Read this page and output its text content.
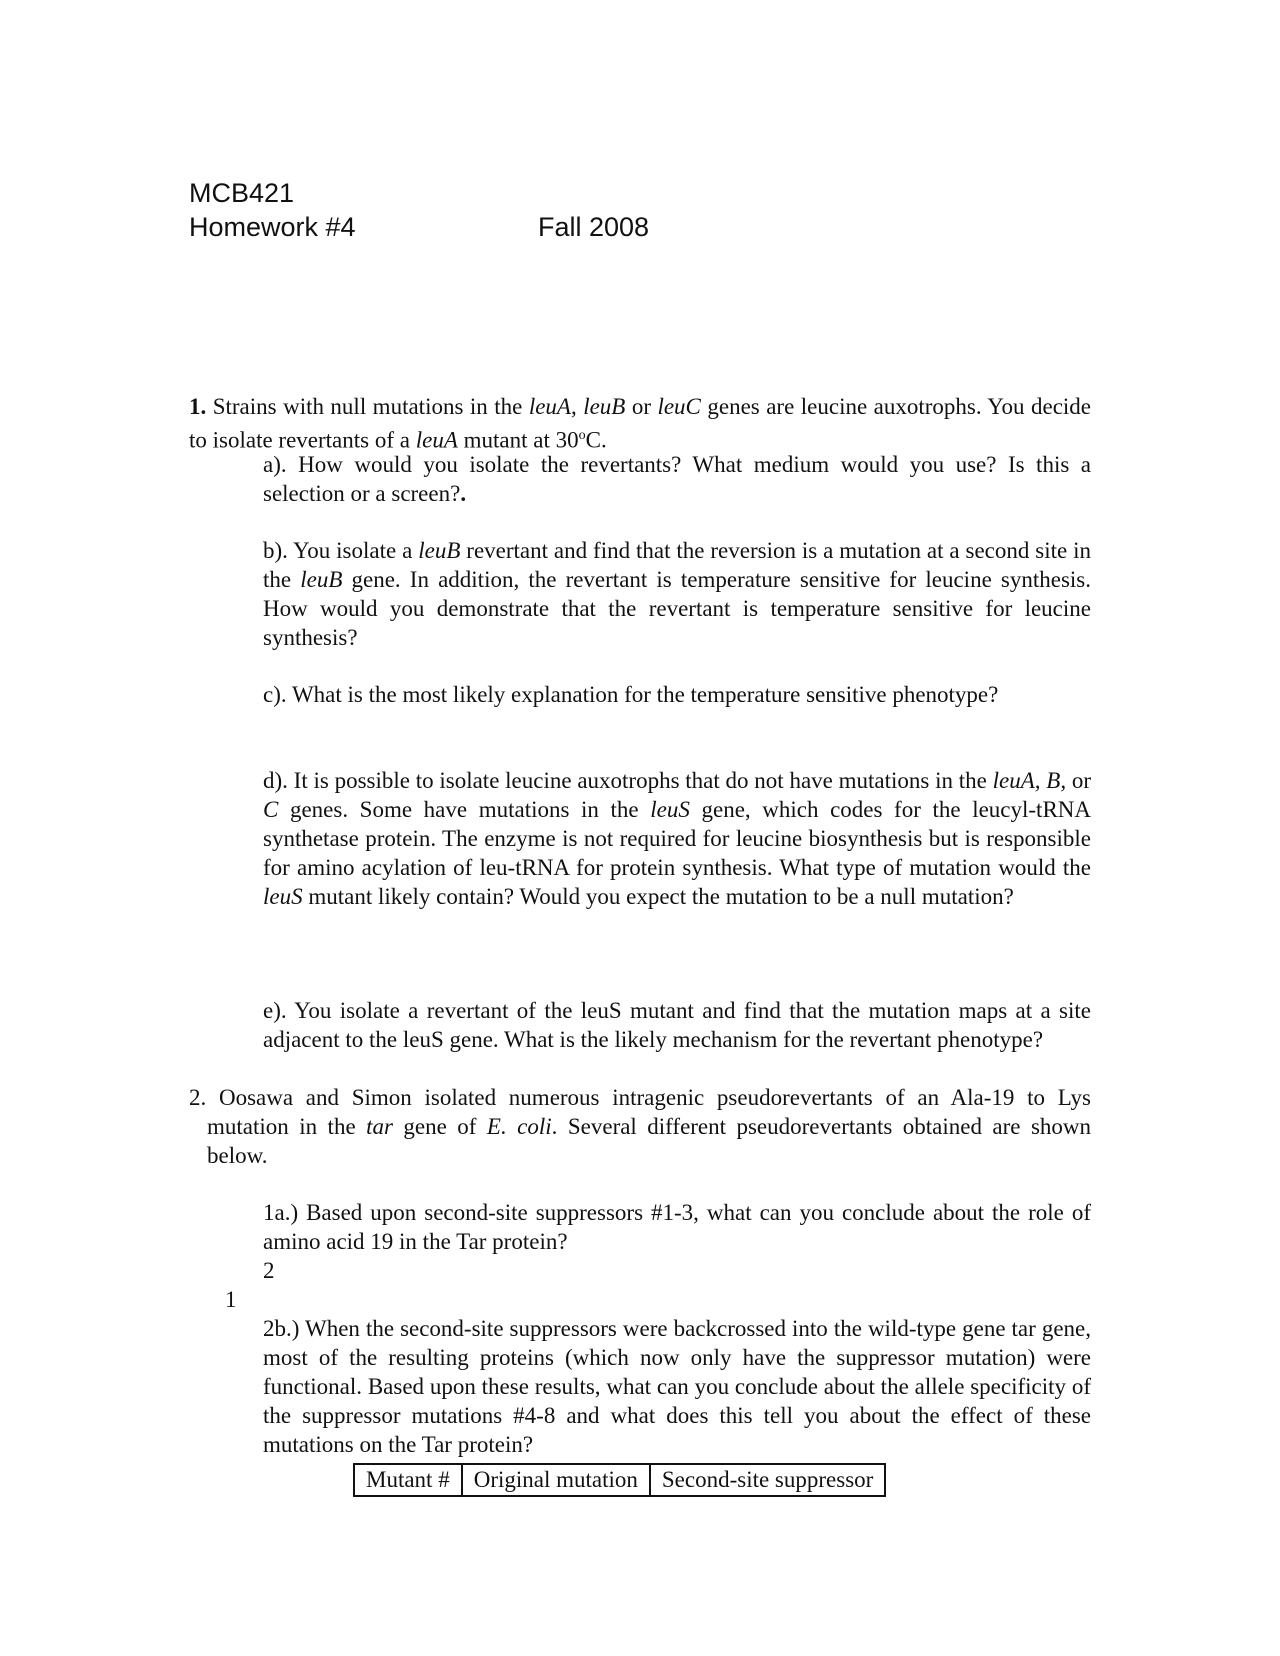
MCB421
Homework #4	Fall 2008
1. Strains with null mutations in the leuA, leuB or leuC genes are leucine auxotrophs. You decide to isolate revertants of a leuA mutant at 30$^o$C.
a). How would you isolate the revertants? What medium would you use? Is this a selection or a screen?.
b). You isolate a leuB revertant and find that the reversion is a mutation at a second site in the leuB gene. In addition, the revertant is temperature sensitive for leucine synthesis. How would you demonstrate that the revertant is temperature sensitive for leucine synthesis?
c). What is the most likely explanation for the temperature sensitive phenotype?
d). It is possible to isolate leucine auxotrophs that do not have mutations in the leuA, B, or C genes. Some have mutations in the leuS gene, which codes for the leucyl-tRNA synthetase protein. The enzyme is not required for leucine biosynthesis but is responsible for amino acylation of leu-tRNA for protein synthesis. What type of mutation would the leuS mutant likely contain? Would you expect the mutation to be a null mutation?
e). You isolate a revertant of the leuS mutant and find that the mutation maps at a site adjacent to the leuS gene. What is the likely mechanism for the revertant phenotype?
2. Oosawa and Simon isolated numerous intragenic pseudorevertants of an Ala-19 to Lys mutation in the tar gene of E. coli. Several different pseudorevertants obtained are shown below.
1a.) Based upon second-site suppressors #1-3, what can you conclude about the role of amino acid 19 in the Tar protein?
2
1
2b.) When the second-site suppressors were backcrossed into the wild-type gene tar gene, most of the resulting proteins (which now only have the suppressor mutation) were functional. Based upon these results, what can you conclude about the allele specificity of the suppressor mutations #4-8 and what does this tell you about the effect of these mutations on the Tar protein?
Mutant #	Original mutation	Second-site suppressor
